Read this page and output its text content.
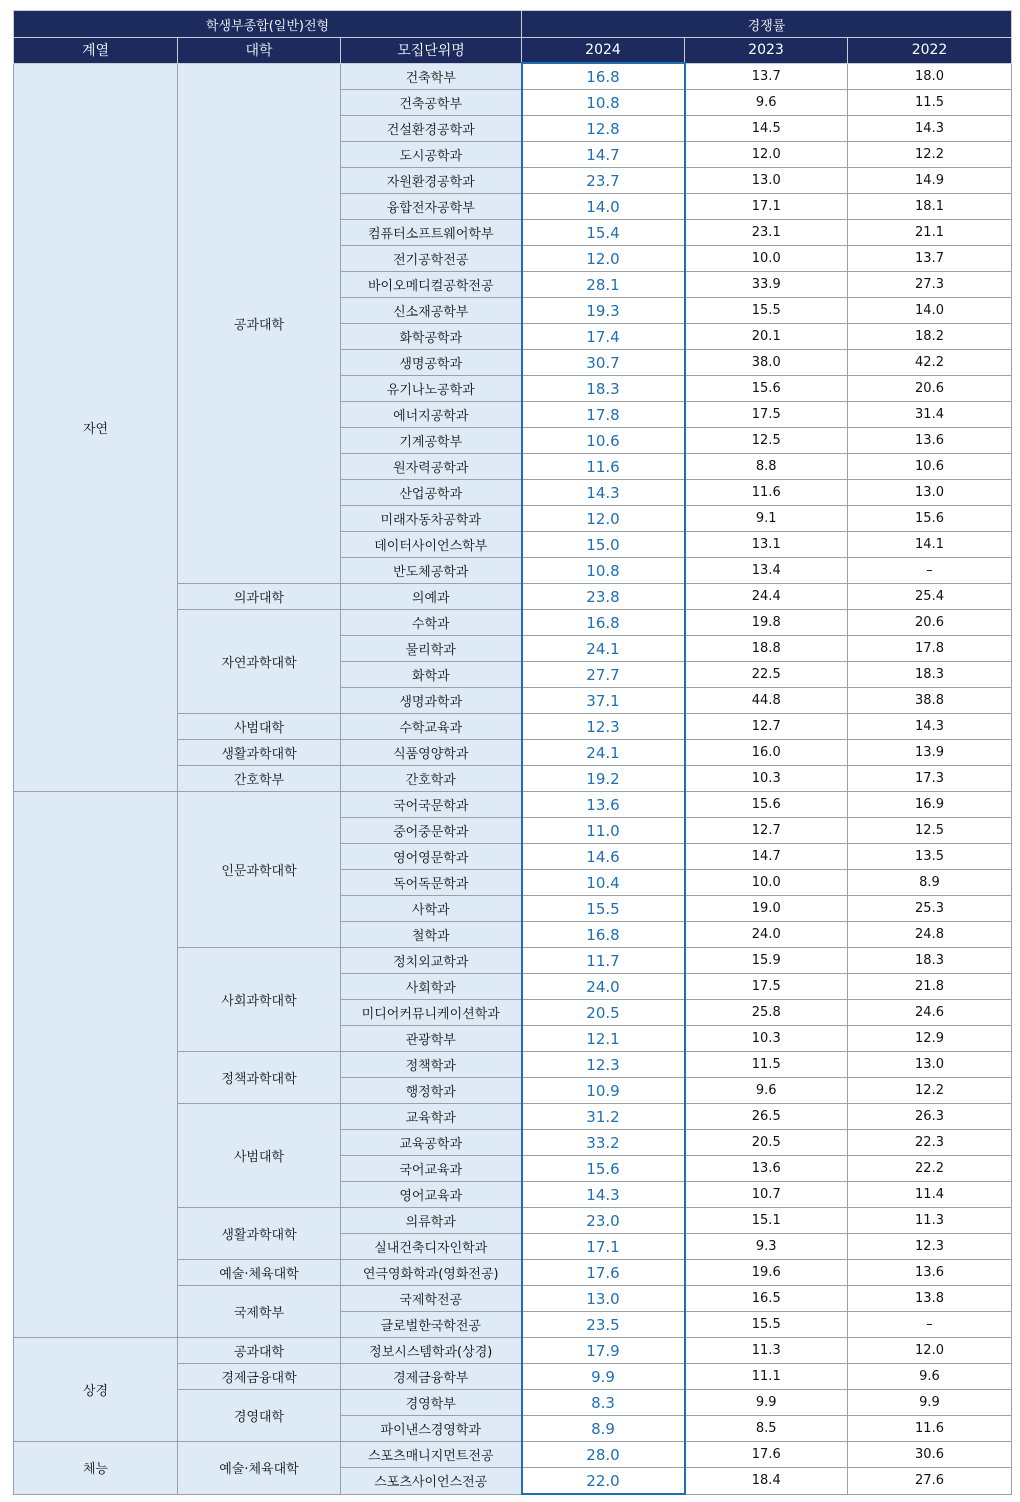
학생부종합(일반)전형			경쟁률		
계열	대학	모집단위명	2024	2023	2022
자연	공과대학	건축학부	16.8	13.7	18.0
		건축공학부	10.8	9.6	11.5
		건설환경공학과	12.8	14.5	14.3
		도시공학과	14.7	12.0	12.2
		자원환경공학과	23.7	13.0	14.9
		융합전자공학부	14.0	17.1	18.1
		컴퓨터소프트웨어학부	15.4	23.1	21.1
		전기공학전공	12.0	10.0	13.7
		바이오메디컬공학전공	28.1	33.9	27.3
		신소재공학부	19.3	15.5	14.0
		화학공학과	17.4	20.1	18.2
		생명공학과	30.7	38.0	42.2
		유기나노공학과	18.3	15.6	20.6
		에너지공학과	17.8	17.5	31.4
		기계공학부	10.6	12.5	13.6
		원자력공학과	11.6	8.8	10.6
		산업공학과	14.3	11.6	13.0
		미래자동차공학과	12.0	9.1	15.6
		데이터사이언스학부	15.0	13.1	14.1
		반도체공학과	10.8	13.4	–
	의과대학	의예과	23.8	24.4	25.4
	자연과학대학	수학과	16.8	19.8	20.6
		물리학과	24.1	18.8	17.8
		화학과	27.7	22.5	18.3
		생명과학과	37.1	44.8	38.8
	사범대학	수학교육과	12.3	12.7	14.3
	생활과학대학	식품영양학과	24.1	16.0	13.9
	간호학부	간호학과	19.2	10.3	17.3
	인문과학대학	국어국문학과	13.6	15.6	16.9
		중어중문학과	11.0	12.7	12.5
		영어영문학과	14.6	14.7	13.5
		독어독문학과	10.4	10.0	8.9
		사학과	15.5	19.0	25.3
		철학과	16.8	24.0	24.8
	사회과학대학	정치외교학과	11.7	15.9	18.3
		사회학과	24.0	17.5	21.8
		미디어커뮤니케이션학과	20.5	25.8	24.6
		관광학부	12.1	10.3	12.9
	정책과학대학	정책학과	12.3	11.5	13.0
		행정학과	10.9	9.6	12.2
	사범대학	교육학과	31.2	26.5	26.3
		교육공학과	33.2	20.5	22.3
		국어교육과	15.6	13.6	22.2
		영어교육과	14.3	10.7	11.4
	생활과학대학	의류학과	23.0	15.1	11.3
		실내건축디자인학과	17.1	9.3	12.3
	예술·체육대학	연극영화학과(영화전공)	17.6	19.6	13.6
	국제학부	국제학전공	13.0	16.5	13.8
		글로벌한국학전공	23.5	15.5	–
상경	공과대학	정보시스템학과(상경)	17.9	11.3	12.0
	경제금융대학	경제금융학부	9.9	11.1	9.6
	경영대학	경영학부	8.3	9.9	9.9
		파이낸스경영학과	8.9	8.5	11.6
체능	예술·체육대학	스포츠매니지먼트전공	28.0	17.6	30.6
		스포츠사이언스전공	22.0	18.4	27.6
